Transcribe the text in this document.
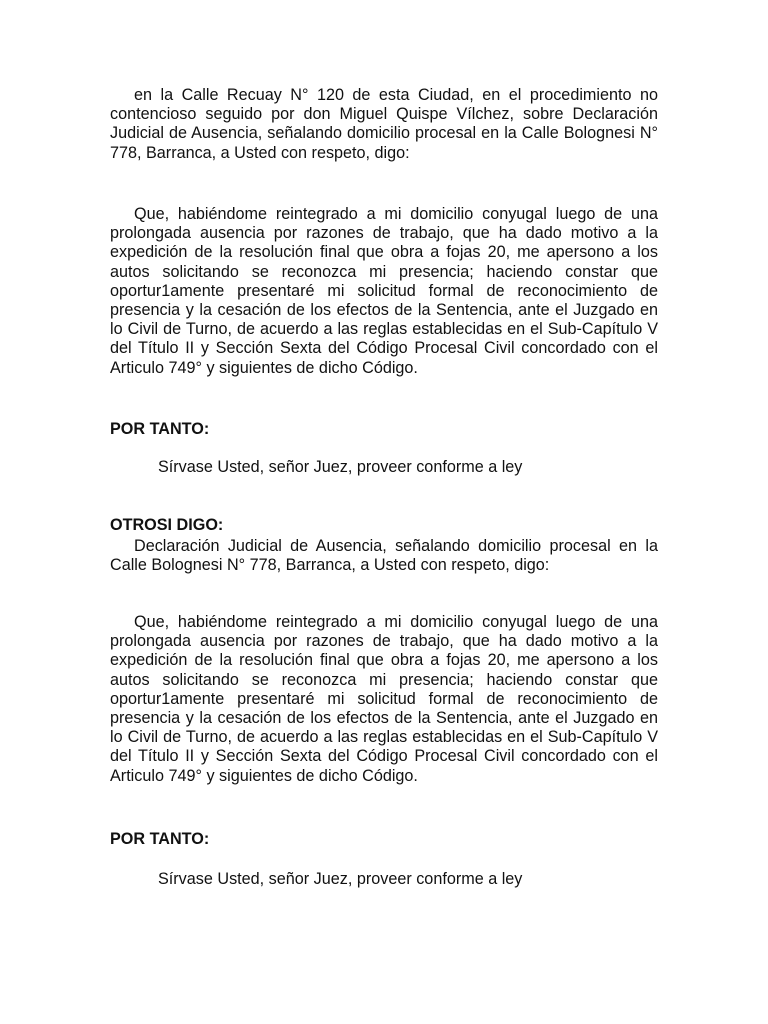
en la Calle Recuay N° 120 de esta Ciudad, en el procedimiento no contencioso seguido por don Miguel Quispe Vílchez, sobre Declaración Judicial de Ausencia, señalando domicilio procesal en la Calle Bolognesi N° 778, Barranca, a Usted con respeto, digo:

Que, habiéndome reintegrado a mi domicilio conyugal luego de una prolongada ausencia por razones de trabajo, que ha dado motivo a la expedición de la resolución final que obra a fojas 20, me apersono a los autos solicitando se reconozca mi presencia; haciendo constar que oportur1amente presentaré mi solicitud formal de reconocimiento de presencia y la cesación de los efectos de la Sentencia, ante el Juzgado en lo Civil de Turno, de acuerdo a las reglas establecidas en el Sub-Capítulo V del Título II y Sección Sexta del Código Procesal Civil concordado con el Articulo 749° y siguientes de dicho Código.

POR TANTO:

Sírvase Usted, señor Juez, proveer conforme a ley

OTROSI DIGO:

Declaración Judicial de Ausencia, señalando domicilio procesal en la Calle Bolognesi N° 778, Barranca, a Usted con respeto, digo:

Que, habiéndome reintegrado a mi domicilio conyugal luego de una prolongada ausencia por razones de trabajo, que ha dado motivo a la expedición de la resolución final que obra a fojas 20, me apersono a los autos solicitando se reconozca mi presencia; haciendo constar que oportur1amente presentaré mi solicitud formal de reconocimiento de presencia y la cesación de los efectos de la Sentencia, ante el Juzgado en lo Civil de Turno, de acuerdo a las reglas establecidas en el Sub-Capítulo V del Título II y Sección Sexta del Código Procesal Civil concordado con el Articulo 749° y siguientes de dicho Código.

POR TANTO:

Sírvase Usted, señor Juez, proveer conforme a ley
